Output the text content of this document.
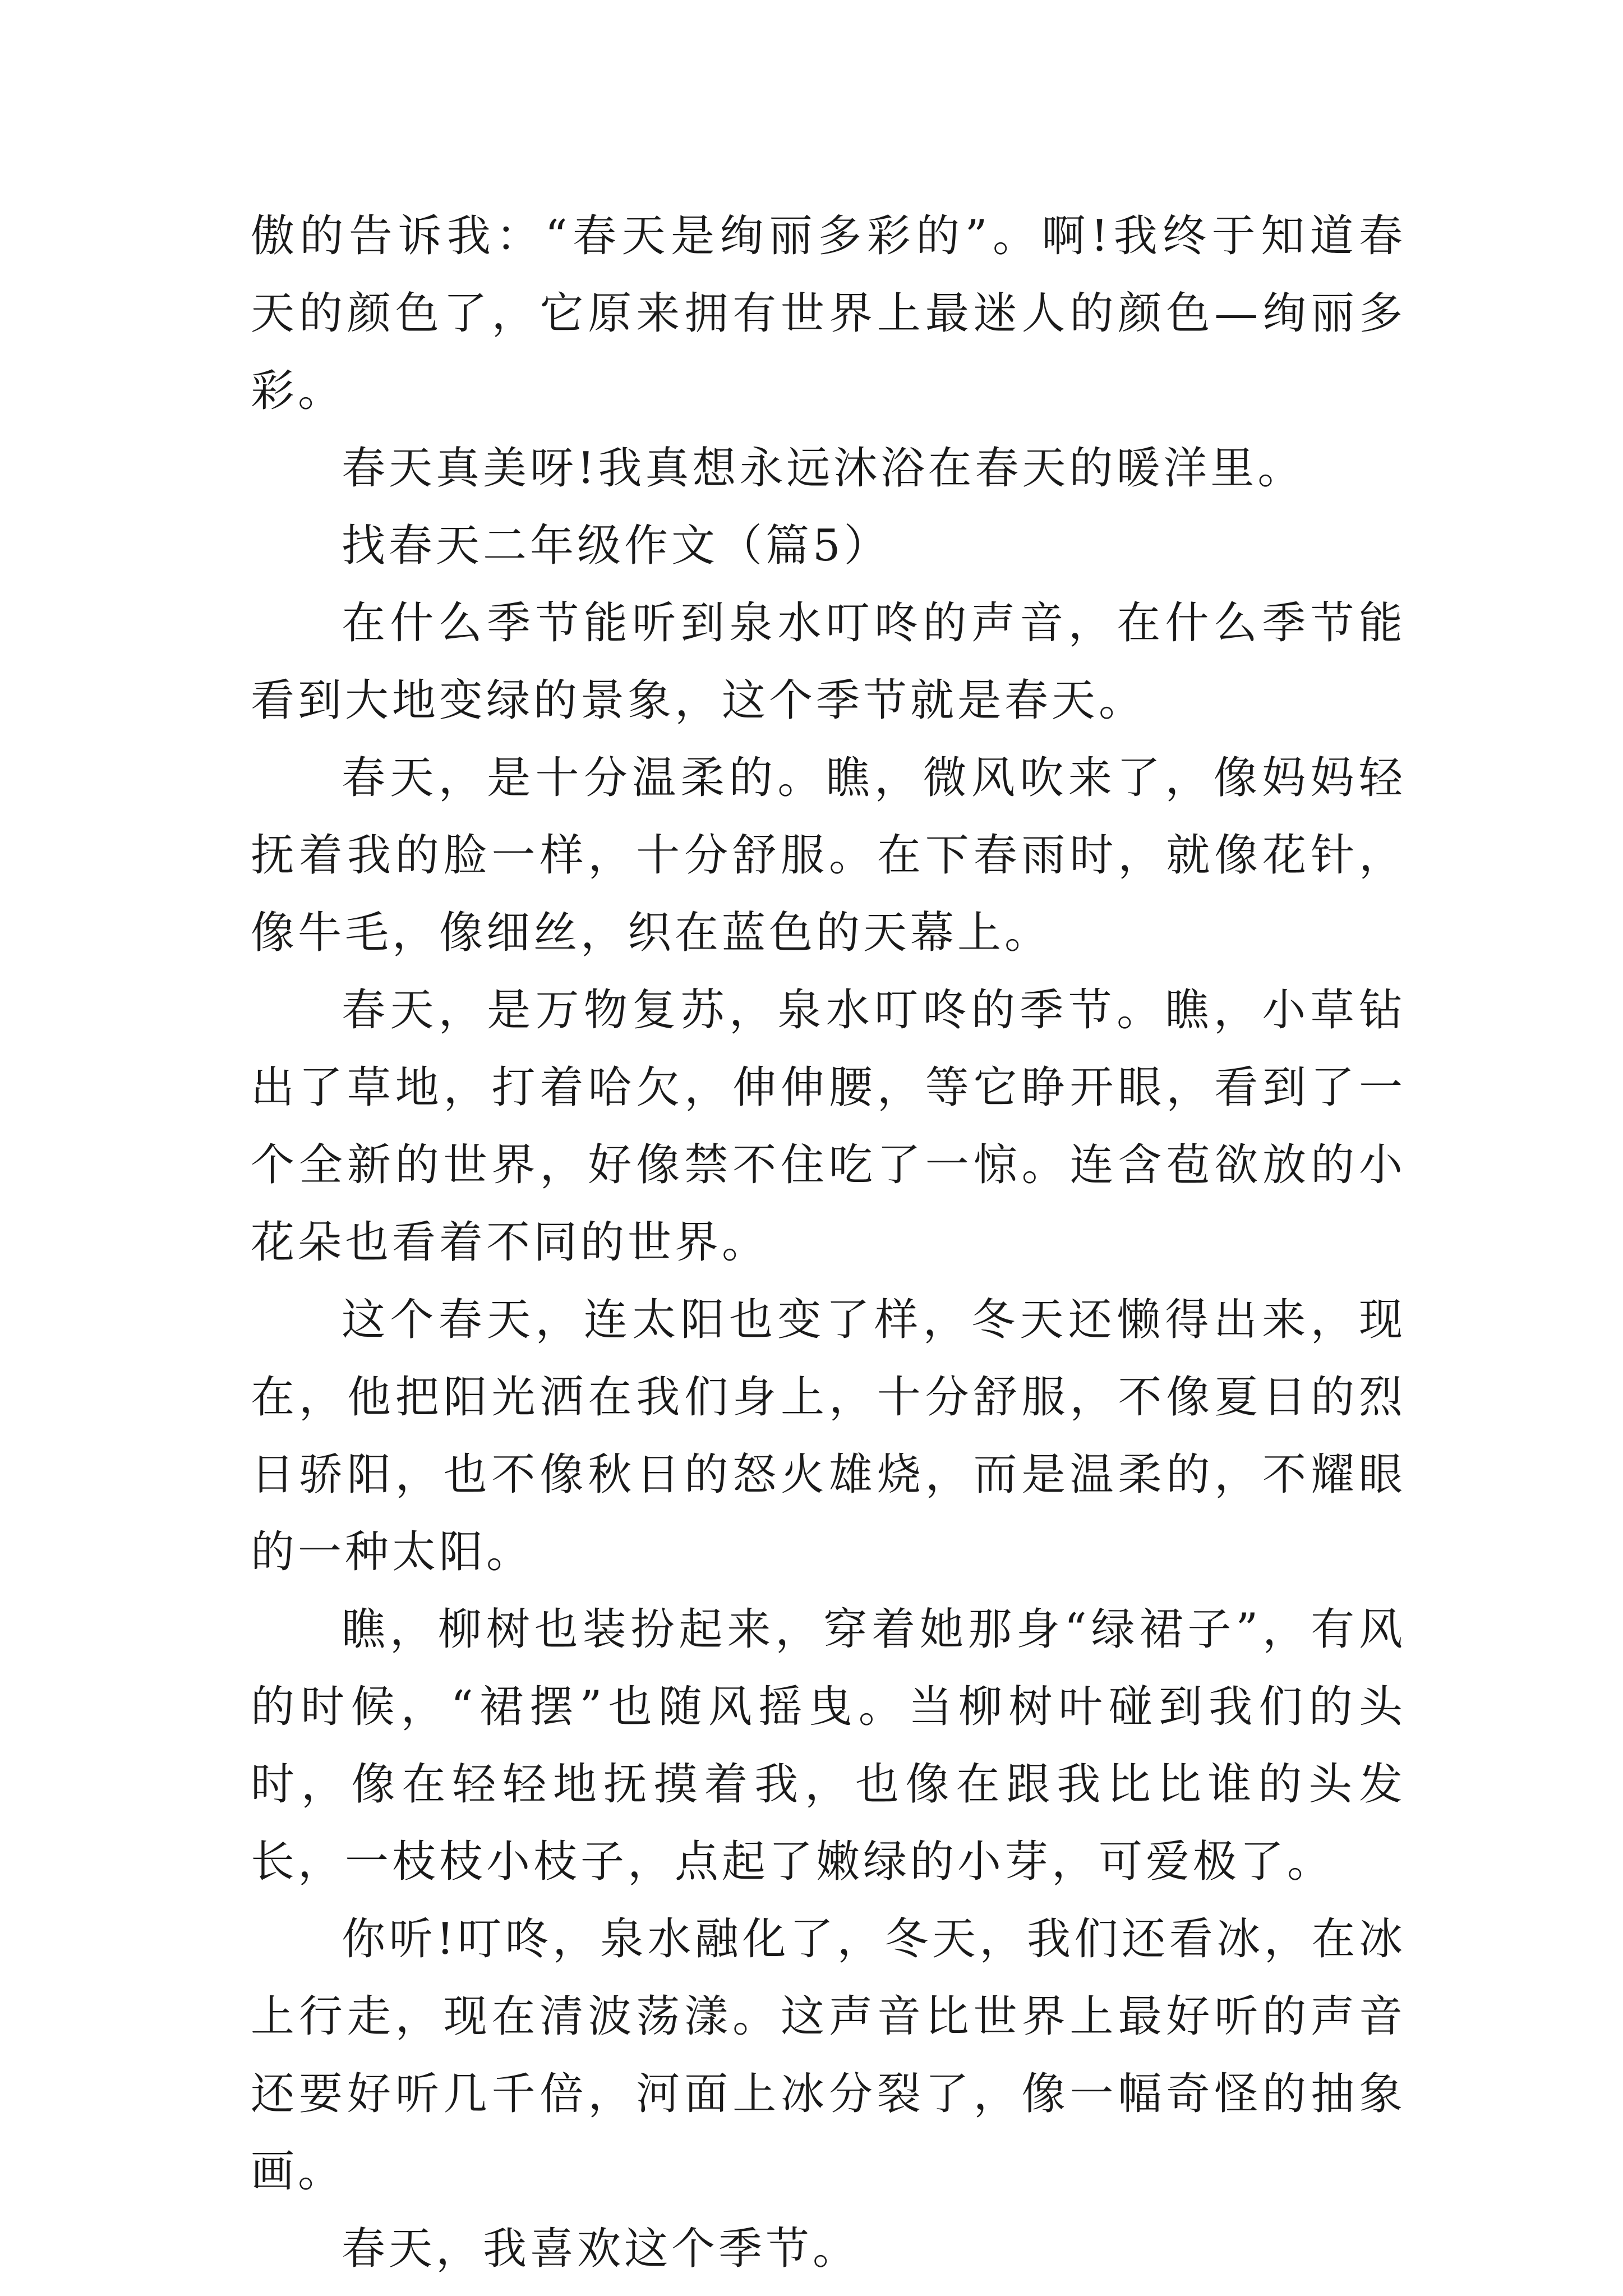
傲的告诉我：“春天是绚丽多彩的”。啊!我终于知道春天的颜色了，它原来拥有世界上最迷人的颜色—绚丽多彩。

春天真美呀!我真想永远沐浴在春天的暖洋里。

找春天二年级作文（篇5）

在什么季节能听到泉水叮咚的声音，在什么季节能看到大地变绿的景象，这个季节就是春天。

春天，是十分温柔的。瞧，微风吹来了，像妈妈轻抚着我的脸一样，十分舒服。在下春雨时，就像花针，像牛毛，像细丝，织在蓝色的天幕上。

春天，是万物复苏，泉水叮咚的季节。瞧，小草钻出了草地，打着哈欠，伸伸腰，等它睁开眼，看到了一个全新的世界，好像禁不住吃了一惊。连含苞欲放的小花朵也看着不同的世界。

这个春天，连太阳也变了样，冬天还懒得出来，现在，他把阳光洒在我们身上，十分舒服，不像夏日的烈日骄阳，也不像秋日的怒火雄烧，而是温柔的，不耀眼的一种太阳。

瞧，柳树也装扮起来，穿着她那身“绿裙子”，有风的时候，“裙摆”也随风摇曳。当柳树叶碰到我们的头时，像在轻轻地抚摸着我，也像在跟我比比谁的头发长，一枝枝小枝子，点起了嫩绿的小芽，可爱极了。

你听!叮咚，泉水融化了，冬天，我们还看冰，在冰上行走，现在清波荡漾。这声音比世界上最好听的声音还要好听几千倍，河面上冰分裂了，像一幅奇怪的抽象画。

春天，我喜欢这个季节。
